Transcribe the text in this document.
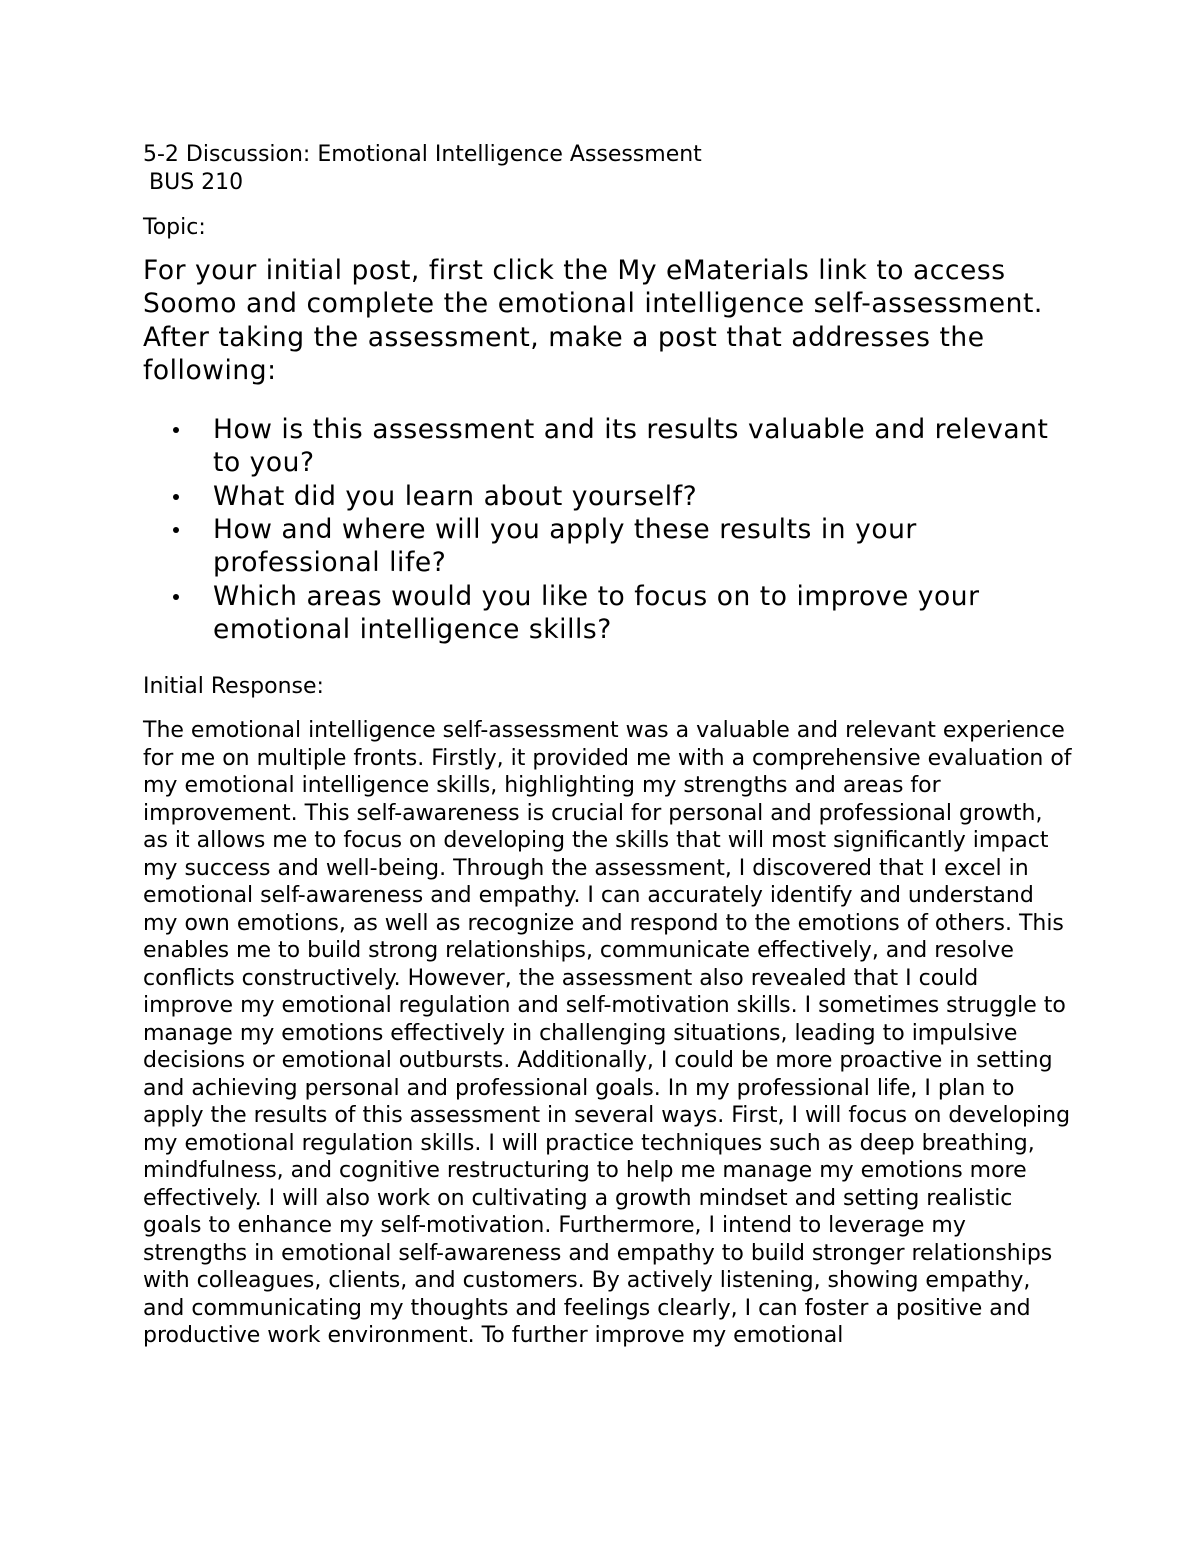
5-2 Discussion: Emotional Intelligence Assessment

BUS 210

Topic:

For your initial post, first click the My eMaterials link to access Soomo and complete the emotional intelligence self-assessment. After taking the assessment, make a post that addresses the following:

How is this assessment and its results valuable and relevant to you?
What did you learn about yourself?
How and where will you apply these results in your professional life?
Which areas would you like to focus on to improve your emotional intelligence skills?

Initial Response:

The emotional intelligence self-assessment was a valuable and relevant experience for me on multiple fronts. Firstly, it provided me with a comprehensive evaluation of my emotional intelligence skills, highlighting my strengths and areas for improvement. This self-awareness is crucial for personal and professional growth, as it allows me to focus on developing the skills that will most significantly impact my success and well-being. Through the assessment, I discovered that I excel in emotional self-awareness and empathy. I can accurately identify and understand my own emotions, as well as recognize and respond to the emotions of others. This enables me to build strong relationships, communicate effectively, and resolve conflicts constructively. However, the assessment also revealed that I could improve my emotional regulation and self-motivation skills. I sometimes struggle to manage my emotions effectively in challenging situations, leading to impulsive decisions or emotional outbursts. Additionally, I could be more proactive in setting and achieving personal and professional goals. In my professional life, I plan to apply the results of this assessment in several ways. First, I will focus on developing my emotional regulation skills. I will practice techniques such as deep breathing, mindfulness, and cognitive restructuring to help me manage my emotions more effectively. I will also work on cultivating a growth mindset and setting realistic goals to enhance my self-motivation. Furthermore, I intend to leverage my strengths in emotional self-awareness and empathy to build stronger relationships with colleagues, clients, and customers. By actively listening, showing empathy, and communicating my thoughts and feelings clearly, I can foster a positive and productive work environment. To further improve my emotional
